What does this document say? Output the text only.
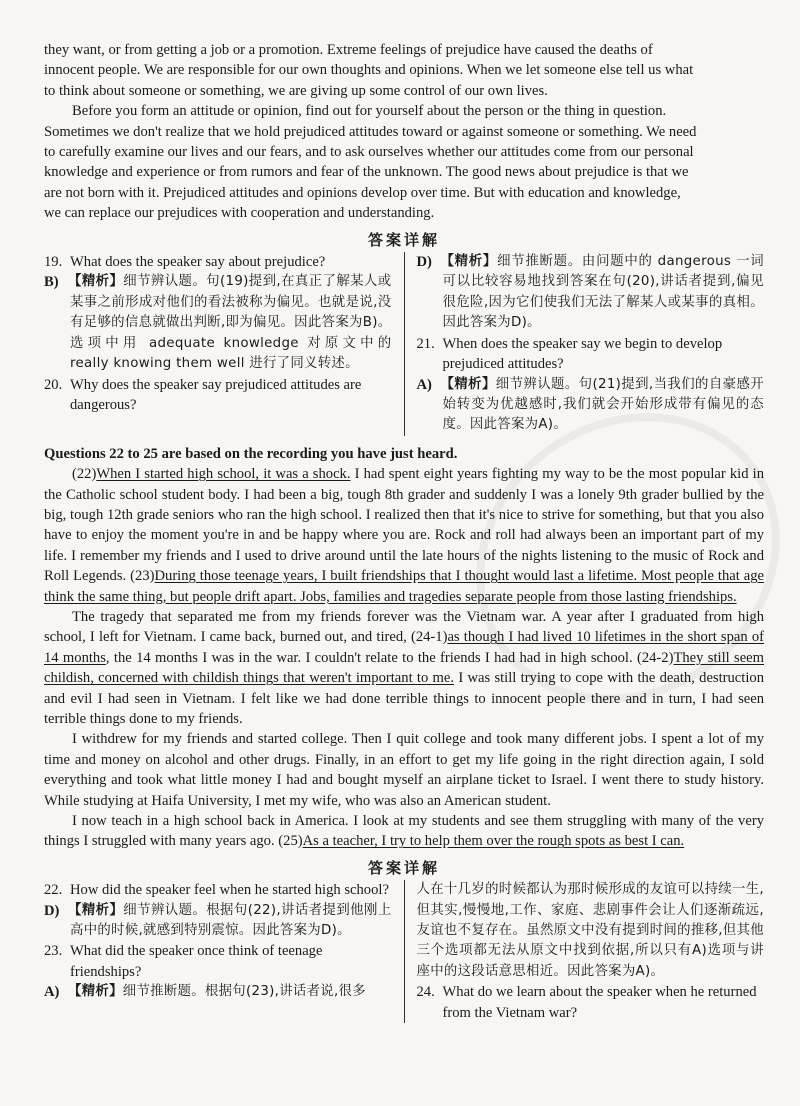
they want, or from getting a job or a promotion. Extreme feelings of prejudice have caused the deaths of
innocent people. We are responsible for our own thoughts and opinions. When we let someone else tell us what
to think about someone or something, we are giving up some control of our own lives.

Before you form an attitude or opinion, find out for yourself about the person or the thing in question.
Sometimes we don't realize that we hold prejudiced attitudes toward or against someone or something. We need
to carefully examine our lives and our fears, and to ask ourselves whether our attitudes come from our personal
knowledge and experience or from rumors and fear of the unknown. The good news about prejudice is that we
are not born with it. Prejudiced attitudes and opinions develop over time. But with education and knowledge,
we can replace our prejudices with cooperation and understanding.

答案详解
19. What does the speaker say about prejudice?
B) 【精析】细节辨认题。句(19)提到,在真正了解某人或某事之前形成对他们的看法被称为偏见。也就是说,没有足够的信息就做出判断,即为偏见。因此答案为B)。选项中用 adequate knowledge 对原文中的 really knowing them well 进行了同义转述。
20. Why does the speaker say prejudiced attitudes are dangerous?
D) 【精析】细节推断题。由问题中的 dangerous 一词可以比较容易地找到答案在句(20),讲话者提到,偏见很危险,因为它们使我们无法了解某人或某事的真相。因此答案为D)。
21. When does the speaker say we begin to develop prejudiced attitudes?
A) 【精析】细节辨认题。句(21)提到,当我们的自豪感开始转变为优越感时,我们就会开始形成带有偏见的态度。因此答案为A)。
Questions 22 to 25 are based on the recording you have just heard.

(22)When I started high school, it was a shock. I had spent eight years fighting my way to be the most popular kid in the Catholic school student body. I had been a big, tough 8th grader and suddenly I was a lonely 9th grader bullied by the big, tough 12th grade seniors who ran the high school. I realized then that it's nice to strive for something, but that you also have to enjoy the moment you're in and be happy where you are. Rock and roll had always been an important part of my life. I remember my friends and I used to drive around until the late hours of the nights listening to the music of Rock and Roll Legends. (23)During those teenage years, I built friendships that I thought would last a lifetime. Most people that age think the same thing, but people drift apart. Jobs, families and tragedies separate people from those lasting friendships.

The tragedy that separated me from my friends forever was the Vietnam war. A year after I graduated from high school, I left for Vietnam. I came back, burned out, and tired, (24-1)as though I had lived 10 lifetimes in the short span of 14 months, the 14 months I was in the war. I couldn't relate to the friends I had had in high school. (24-2)They still seem childish, concerned with childish things that weren't important to me. I was still trying to cope with the death, destruction and evil I had seen in Vietnam. I felt like we had done terrible things to innocent people there and in turn, I had seen terrible things done to my friends.

I withdrew for my friends and started college. Then I quit college and took many different jobs. I spent a lot of my time and money on alcohol and other drugs. Finally, in an effort to get my life going in the right direction again, I sold everything and took what little money I had and bought myself an airplane ticket to Israel. I went there to study history. While studying at Haifa University, I met my wife, who was also an American student.

I now teach in a high school back in America. I look at my students and see them struggling with many of the very things I struggled with many years ago. (25)As a teacher, I try to help them over the rough spots as best I can.

答案详解
22. How did the speaker feel when he started high school?
D) 【精析】细节辨认题。根据句(22),讲话者提到他刚上高中的时候,就感到特别震惊。因此答案为D)。
23. What did the speaker once think of teenage friendships?
A) 【精析】细节推断题。根据句(23),讲话者说,很多
人在十几岁的时候都认为那时候形成的友谊可以持续一生,但其实,慢慢地,工作、家庭、悲剧事件会让人们逐渐疏远,友谊也不复存在。虽然原文中没有提到时间的推移,但其他三个选项都无法从原文中找到依据,所以只有A)选项与讲座中的这段话意思相近。因此答案为A)。
24. What do we learn about the speaker when he returned from the Vietnam war?
